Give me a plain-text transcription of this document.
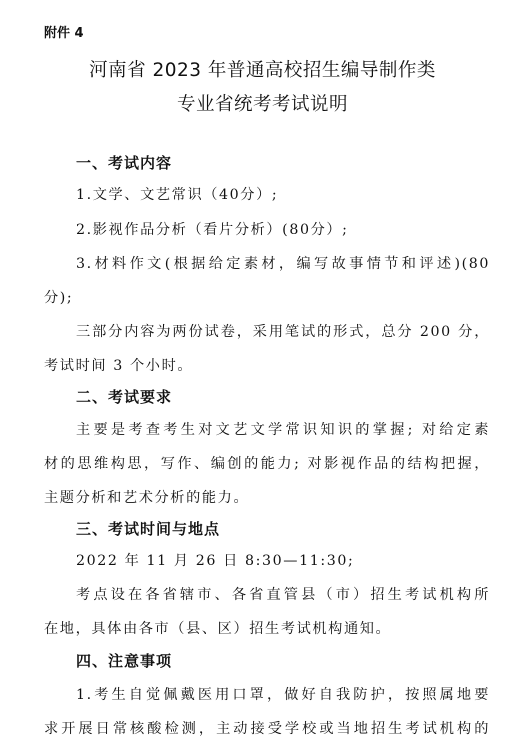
附件 4
河南省 2023 年普通高校招生编导制作类
专业省统考考试说明
一、考试内容
1.文学、文艺常识（40分）;
2.影视作品分析（看片分析）(80分）;
3.材料作文(根据给定素材，编写故事情节和评述)(80
分);
三部分内容为两份试卷，采用笔试的形式，总分 200 分，
考试时间 3 个小时。
二、考试要求
主要是考查考生对文艺文学常识知识的掌握; 对给定素
材的思维构思，写作、编创的能力; 对影视作品的结构把握，
主题分析和艺术分析的能力。
三、考试时间与地点
2022 年 11 月 26 日 8:30—11:30;
考点设在各省辖市、各省直管县（市）招生考试机构所
在地，具体由各市（县、区）招生考试机构通知。
四、注意事项
1.考生自觉佩戴医用口罩，做好自我防护，按照属地要
求开展日常核酸检测，主动接受学校或当地招生考试机构的
